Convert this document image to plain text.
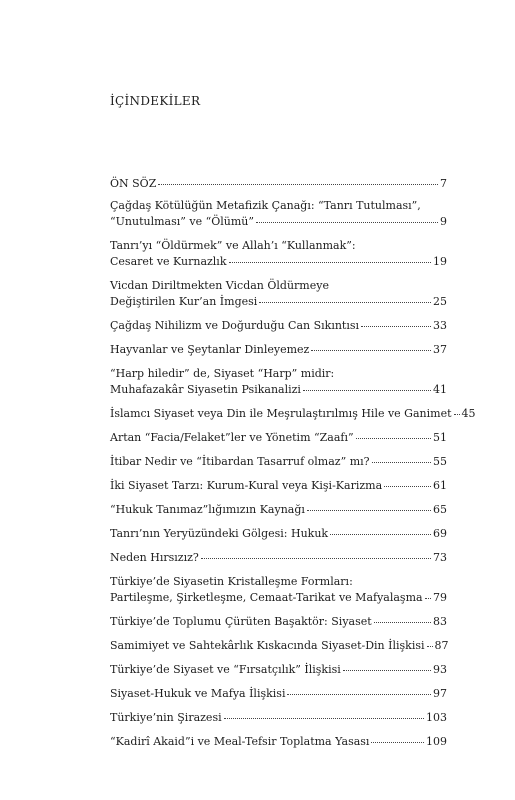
İÇİNDEKİLER
ÖN SÖZ	7
Çağdaş Kötülüğün Metafizik Çanağı: “Tanrı Tutulması”,
“Unutulması” ve “Ölümü”	9
Tanrı’yı “Öldürmek” ve Allah’ı “Kullanmak”:
Cesaret ve Kurnazlık	19
Vicdan Diriltmekten Vicdan Öldürmeye
Değiştirilen Kur’an İmgesi	25
Çağdaş Nihilizm ve Doğurduğu Can Sıkıntısı	33
Hayvanlar ve Şeytanlar Dinleyemez	37
“Harp hiledir” de, Siyaset “Harp” midir:
Muhafazakâr Siyasetin Psikanalizi	41
İslamcı Siyaset veya Din ile Meşrulaştırılmış Hile ve Ganimet 45
Artan “Facia/Felaket”ler ve Yönetim “Zaafı”	51
İtibar Nedir ve “İtibardan Tasarruf olmaz” mı?	55
İki Siyaset Tarzı: Kurum-Kural veya Kişi-Karizma	61
“Hukuk Tanımaz”lığımızın Kaynağı	65
Tanrı’nın Yeryüzündeki Gölgesi: Hukuk	69
Neden Hırsızız?	73
Türkiye’de Siyasetin Kristalleşme Formları:
Partileşme, Şirketleşme, Cemaat-Tarikat ve Mafyalaşma 79
Türkiye’de Toplumu Çürüten Başaktör: Siyaset	83
Samimiyet ve Sahtekârlık Kıskacında Siyaset-Din İlişkisi 87
Türkiye’de Siyaset ve “Fırsatçılık” İlişkisi	93
Siyaset-Hukuk ve Mafya İlişkisi	97
Türkiye’nin Şirazesi	103
“Kadirî Akaid”i ve Meal-Tefsir Toplatma Yasası	109
